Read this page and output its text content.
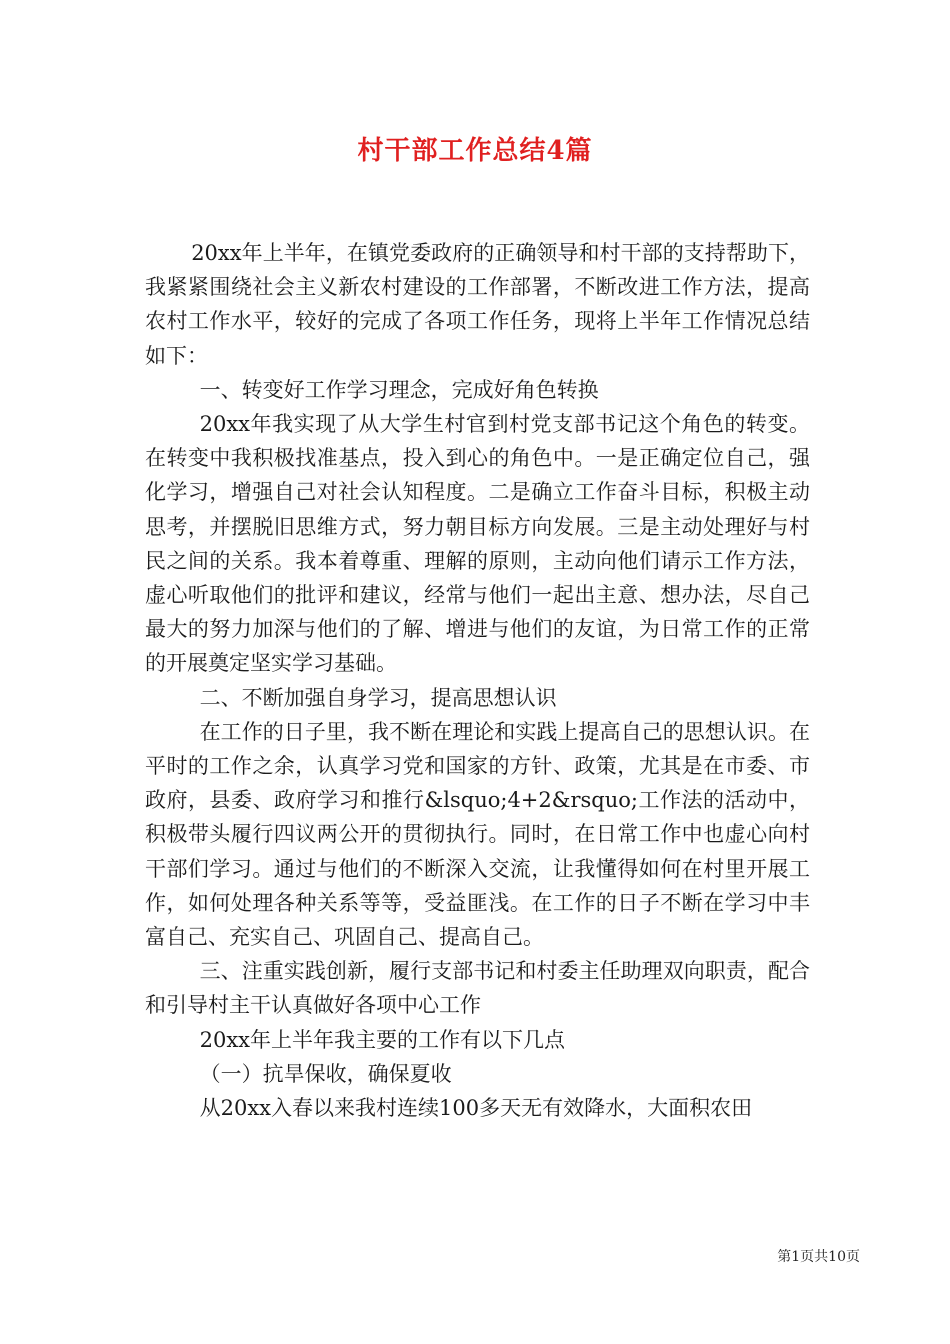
村干部工作总结4篇

20xx年上半年，在镇党委政府的正确领导和村干部的支持帮助下，我紧紧围绕社会主义新农村建设的工作部署，不断改进工作方法，提高农村工作水平，较好的完成了各项工作任务，现将上半年工作情况总结如下：

一、转变好工作学习理念，完成好角色转换

20xx年我实现了从大学生村官到村党支部书记这个角色的转变。在转变中我积极找准基点，投入到心的角色中。一是正确定位自己，强化学习，增强自己对社会认知程度。二是确立工作奋斗目标，积极主动思考，并摆脱旧思维方式，努力朝目标方向发展。三是主动处理好与村民之间的关系。我本着尊重、理解的原则，主动向他们请示工作方法，虚心听取他们的批评和建议，经常与他们一起出主意、想办法，尽自己最大的努力加深与他们的了解、增进与他们的友谊，为日常工作的正常的开展奠定坚实学习基础。

二、不断加强自身学习，提高思想认识

在工作的日子里，我不断在理论和实践上提高自己的思想认识。在平时的工作之余，认真学习党和国家的方针、政策，尤其是在市委、市政府，县委、政府学习和推行&lsquo;4+2&rsquo;工作法的活动中，积极带头履行四议两公开的贯彻执行。同时，在日常工作中也虚心向村干部们学习。通过与他们的不断深入交流，让我懂得如何在村里开展工作，如何处理各种关系等等，受益匪浅。在工作的日子不断在学习中丰富自己、充实自己、巩固自己、提高自己。

三、注重实践创新，履行支部书记和村委主任助理双向职责，配合和引导村主干认真做好各项中心工作

20xx年上半年我主要的工作有以下几点

（一）抗旱保收，确保夏收

从20xx入春以来我村连续100多天无有效降水，大面积农田

第1页共10页
